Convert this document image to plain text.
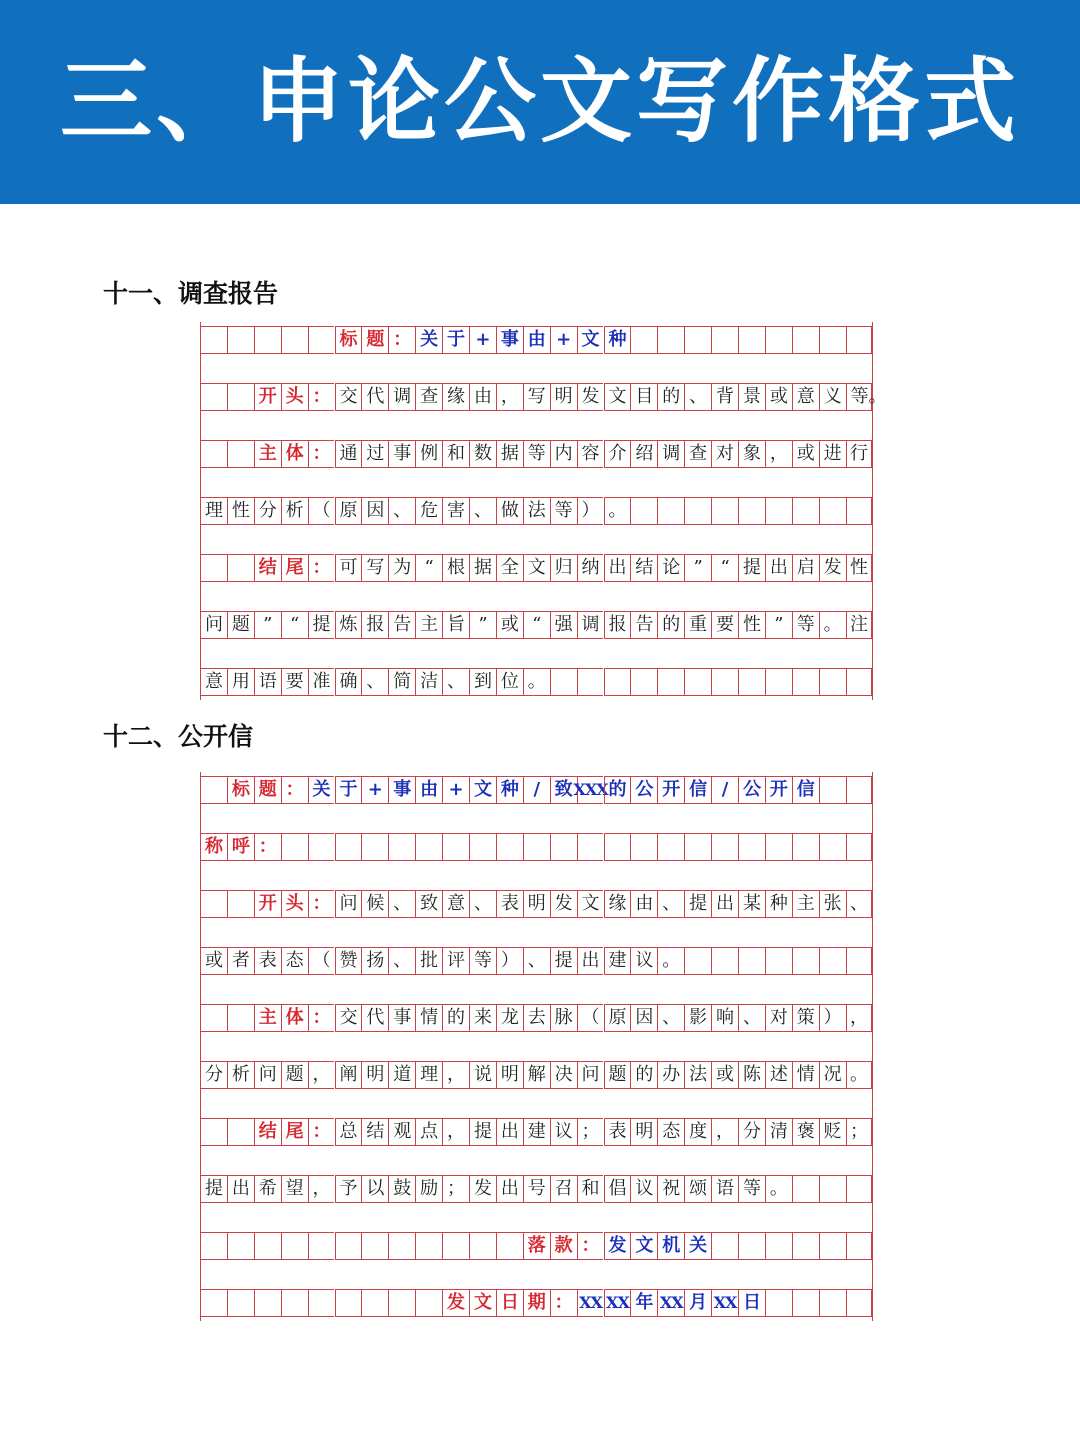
三、申论公文写作格式
十一、调查报告
标 题 ： 关 于 + 事 由 + 文 种
开 头 ： 交 代 调 查 缘 由 ， 写 明 发 文 目 的 、 背 景 或 意 义 等。
主 体 ： 通 过 事 例 和 数 据 等 内 容 介 绍 调 查 对 象 ， 或 进 行
理 性 分 析 （ 原 因 、 危 害 、 做 法 等 ） 。
结 尾 ： 可 写 为 “ 根 据 全 文 归 纳 出 结 论 ” “ 提 出 启 发 性
问 题 ” “ 提 炼 报 告 主 旨 ” 或 “ 强 调 报 告 的 重 要 性 ” 等 。 注
意 用 语 要 准 确 、 简 洁 、 到 位 。
十二、公开信
标 题 ： 关 于 + 事 由 + 文 种 / 致 XXX 的 公 开 信 / 公 开 信
称 呼 ：
开 头 ： 问 候 、 致 意 、 表 明 发 文 缘 由 、 提 出 某 种 主 张 、
或 者 表 态 （ 赞 扬 、 批 评 等 ） 、 提 出 建 议 。
主 体 ： 交 代 事 情 的 来 龙 去 脉 （ 原 因 、 影 响 、 对 策 ） ，
分 析 问 题 ， 阐 明 道 理 ， 说 明 解 决 问 题 的 办 法 或 陈 述 情 况 。
结 尾 ： 总 结 观 点 ， 提 出 建 议 ； 表 明 态 度 ， 分 清 褒 贬 ；
提 出 希 望 ， 予 以 鼓 励 ； 发 出 号 召 和 倡 议 祝 颂 语 等 。
落 款 ： 发 文 机 关
发 文 日 期 ： XX XX 年 XX 月 XX 日
